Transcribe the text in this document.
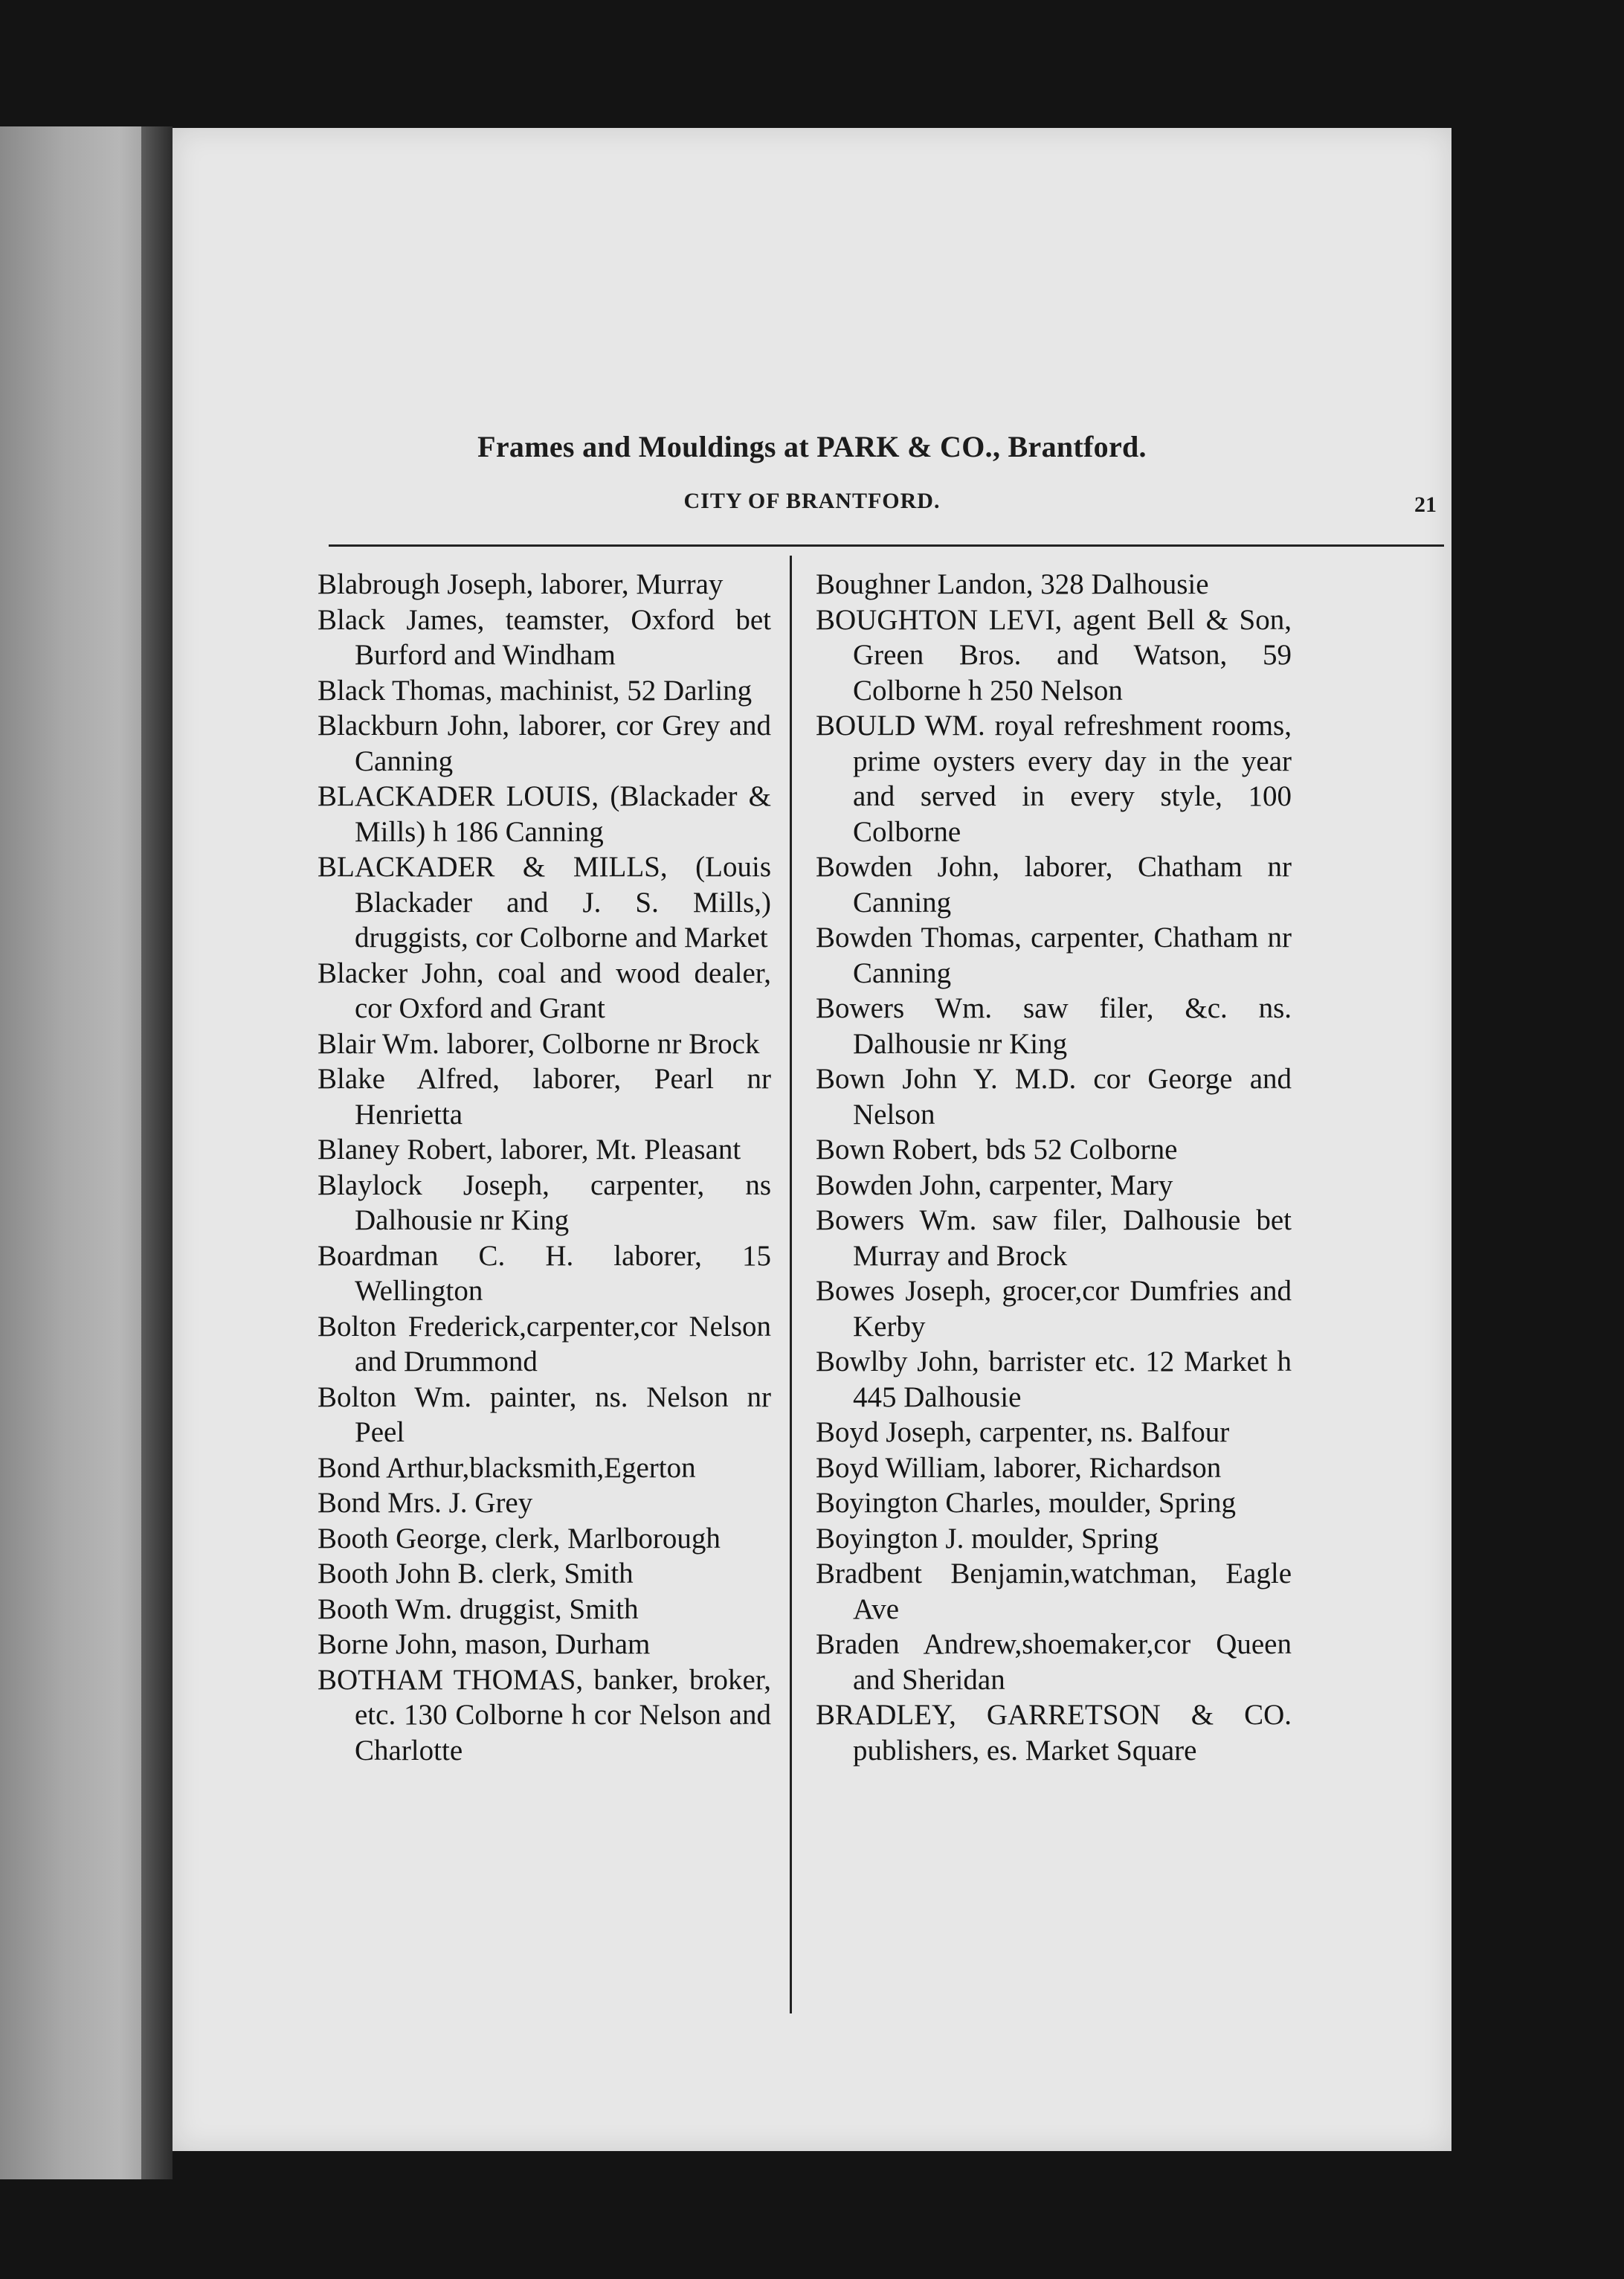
Frames and Mouldings at PARK & CO., Brantford.
CITY OF BRANTFORD.	21
Blabrough Joseph, laborer, Murray
Black James, teamster, Oxford bet Burford and Windham
Black Thomas, machinist, 52 Darling
Blackburn John, laborer, cor Grey and Canning
BLACKADER LOUIS, (Blackader & Mills) h 186 Canning
BLACKADER & MILLS, (Louis Blackader and J. S. Mills,) druggists, cor Colborne and Market
Blacker John, coal and wood dealer, cor Oxford and Grant
Blair Wm. laborer, Colborne nr Brock
Blake Alfred, laborer, Pearl nr Henrietta
Blaney Robert, laborer, Mt. Pleasant
Blaylock Joseph, carpenter, ns Dalhousie nr King
Boardman C. H. laborer, 15 Wellington
Bolton Frederick,carpenter,cor Nelson and Drummond
Bolton Wm. painter, ns. Nelson nr Peel
Bond Arthur,blacksmith,Egerton
Bond Mrs. J. Grey
Booth George, clerk, Marlborough
Booth John B. clerk, Smith
Booth Wm. druggist, Smith
Borne John, mason, Durham
BOTHAM THOMAS, banker, broker, etc. 130 Colborne h cor Nelson and Charlotte
Boughner Landon, 328 Dalhousie
BOUGHTON LEVI, agent Bell & Son, Green Bros. and Watson, 59 Colborne h 250 Nelson
BOULD WM. royal refreshment rooms, prime oysters every day in the year and served in every style, 100 Colborne
Bowden John, laborer, Chatham nr Canning
Bowden Thomas, carpenter, Chatham nr Canning
Bowers Wm. saw filer, &c. ns. Dalhousie nr King
Bown John Y. M.D. cor George and Nelson
Bown Robert, bds 52 Colborne
Bowden John, carpenter, Mary
Bowers Wm. saw filer, Dalhousie bet Murray and Brock
Bowes Joseph, grocer,cor Dumfries and Kerby
Bowlby John, barrister etc. 12 Market h 445 Dalhousie
Boyd Joseph, carpenter, ns. Balfour
Boyd William, laborer, Richardson
Boyington Charles, moulder, Spring
Boyington J. moulder, Spring
Bradbent Benjamin,watchman, Eagle Ave
Braden Andrew,shoemaker,cor Queen and Sheridan
BRADLEY, GARRETSON & CO. publishers, es. Market Square
